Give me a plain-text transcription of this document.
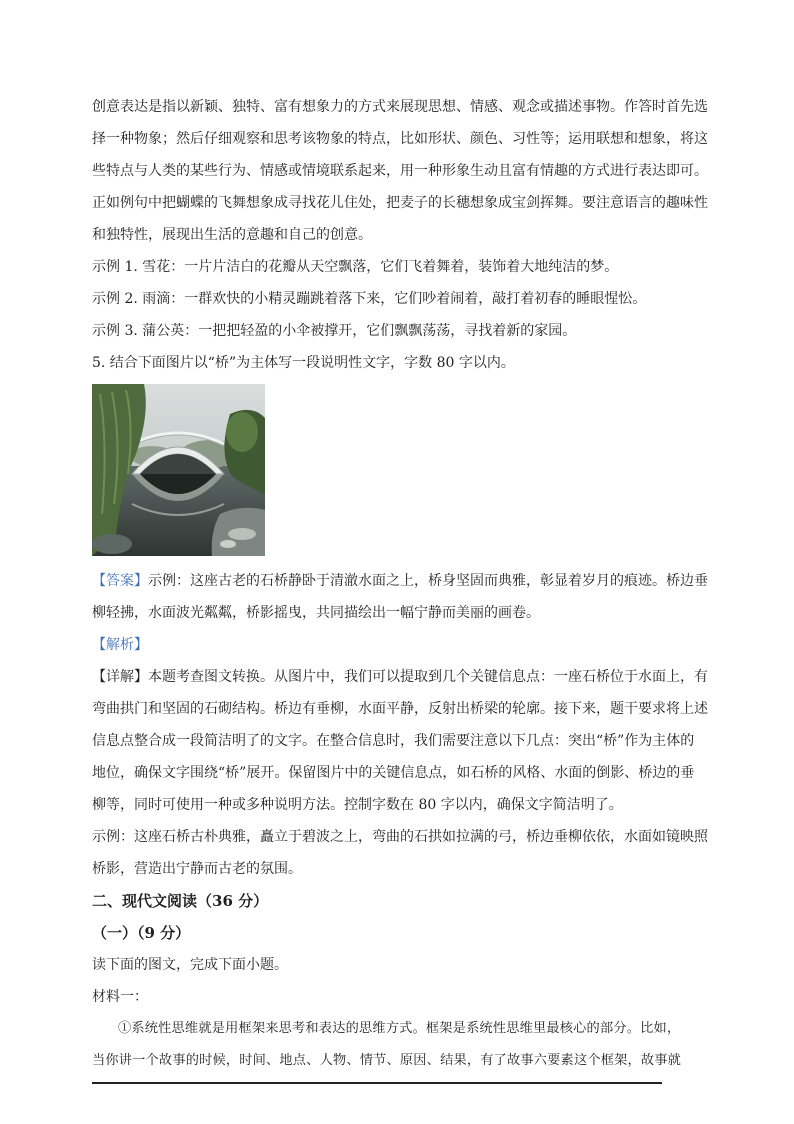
创意表达是指以新颖、独特、富有想象力的方式来展现思想、情感、观念或描述事物。作答时首先选
择一种物象；然后仔细观察和思考该物象的特点，比如形状、颜色、习性等；运用联想和想象，将这
些特点与人类的某些行为、情感或情境联系起来，用一种形象生动且富有情趣的方式进行表达即可。
正如例句中把蝴蝶的飞舞想象成寻找花儿住处，把麦子的长穗想象成宝剑挥舞。要注意语言的趣味性
和独特性，展现出生活的意趣和自己的创意。
示例 1. 雪花：一片片洁白的花瓣从天空飘落，它们飞着舞着，装饰着大地纯洁的梦。
示例 2. 雨滴：一群欢快的小精灵蹦跳着落下来，它们吵着闹着，敲打着初春的睡眼惺忪。
示例 3. 蒲公英：一把把轻盈的小伞被撑开，它们飘飘荡荡，寻找着新的家园。
5. 结合下面图片以“桥”为主体写一段说明性文字，字数 80 字以内。
【答案】示例：这座古老的石桥静卧于清澈水面之上，桥身坚固而典雅，彰显着岁月的痕迹。桥边垂
柳轻拂，水面波光粼粼，桥影摇曳，共同描绘出一幅宁静而美丽的画卷。
【解析】
【详解】本题考查图文转换。从图片中，我们可以提取到几个关键信息点：一座石桥位于水面上，有
弯曲拱门和坚固的石砌结构。桥边有垂柳，水面平静，反射出桥梁的轮廓。接下来，题干要求将上述
信息点整合成一段简洁明了的文字。在整合信息时，我们需要注意以下几点：突出“桥”作为主体的
地位，确保文字围绕“桥”展开。保留图片中的关键信息点，如石桥的风格、水面的倒影、桥边的垂
柳等，同时可使用一种或多种说明方法。控制字数在 80 字以内，确保文字简洁明了。
示例：这座石桥古朴典雅，矗立于碧波之上，弯曲的石拱如拉满的弓，桥边垂柳依依，水面如镜映照
桥影，营造出宁静而古老的氛围。
二、现代文阅读（36 分）
（一）（9 分）
读下面的图文，完成下面小题。
材料一：
①系统性思维就是用框架来思考和表达的思维方式。框架是系统性思维里最核心的部分。比如，
当你讲一个故事的时候，时间、地点、人物、情节、原因、结果，有了故事六要素这个框架，故事就
